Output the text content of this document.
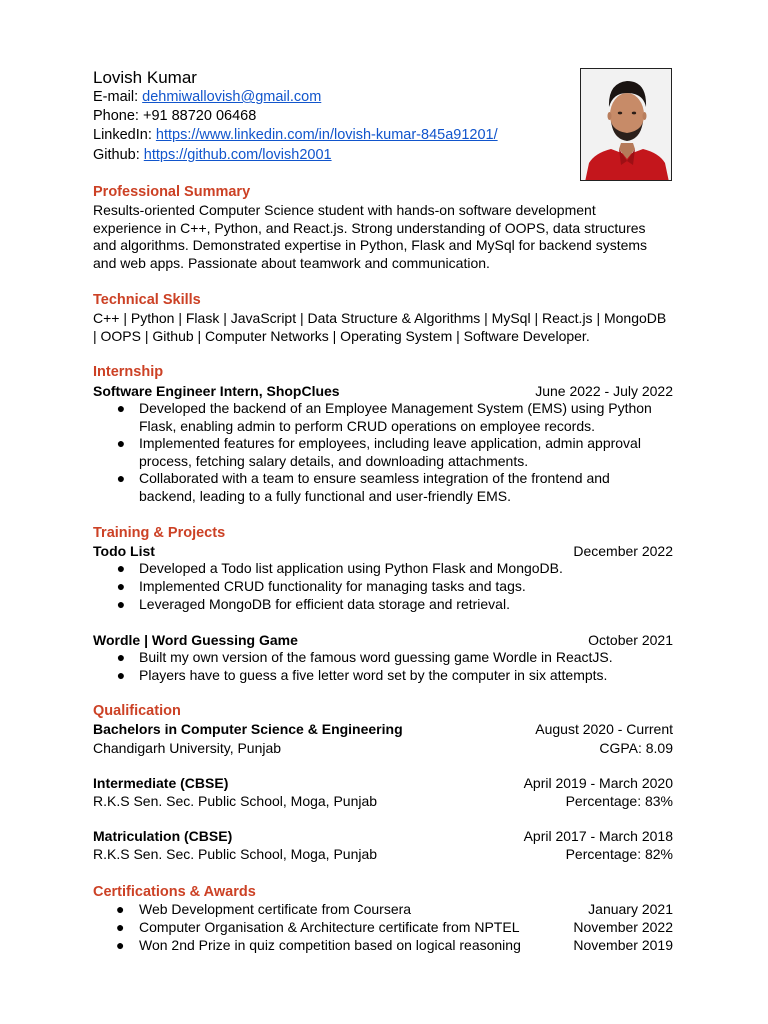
Lovish Kumar
E-mail: dehmiwallovish@gmail.com
Phone: +91 88720 06468
LinkedIn: https://www.linkedin.com/in/lovish-kumar-845a91201/
Github: https://github.com/lovish2001
Professional Summary
Results-oriented Computer Science student with hands-on software development
experience in C++, Python, and React.js. Strong understanding of OOPS, data structures
and algorithms. Demonstrated expertise in Python, Flask and MySql for backend systems
and web apps. Passionate about teamwork and communication.
Technical Skills
C++ | Python | Flask | JavaScript | Data Structure & Algorithms | MySql | React.js | MongoDB
| OOPS | Github | Computer Networks | Operating System | Software Developer.
Internship
Software Engineer Intern, ShopClues	June 2022 - July 2022
● Developed the backend of an Employee Management System (EMS) using Python
Flask, enabling admin to perform CRUD operations on employee records.
● Implemented features for employees, including leave application, admin approval
process, fetching salary details, and downloading attachments.
● Collaborated with a team to ensure seamless integration of the frontend and
backend, leading to a fully functional and user-friendly EMS.
Training & Projects
Todo List	December 2022
● Developed a Todo list application using Python Flask and MongoDB.
● Implemented CRUD functionality for managing tasks and tags.
● Leveraged MongoDB for efficient data storage and retrieval.
Wordle | Word Guessing Game	October 2021
● Built my own version of the famous word guessing game Wordle in ReactJS.
● Players have to guess a five letter word set by the computer in six attempts.
Qualification
Bachelors in Computer Science & Engineering	August 2020 - Current
Chandigarh University, Punjab	CGPA: 8.09
Intermediate (CBSE)	April 2019 - March 2020
R.K.S Sen. Sec. Public School, Moga, Punjab	Percentage: 83%
Matriculation (CBSE)	April 2017 - March 2018
R.K.S Sen. Sec. Public School, Moga, Punjab	Percentage: 82%
Certifications & Awards
● Web Development certificate from Coursera	January 2021
● Computer Organisation & Architecture certificate from NPTEL	November 2022
● Won 2nd Prize in quiz competition based on logical reasoning	November 2019
